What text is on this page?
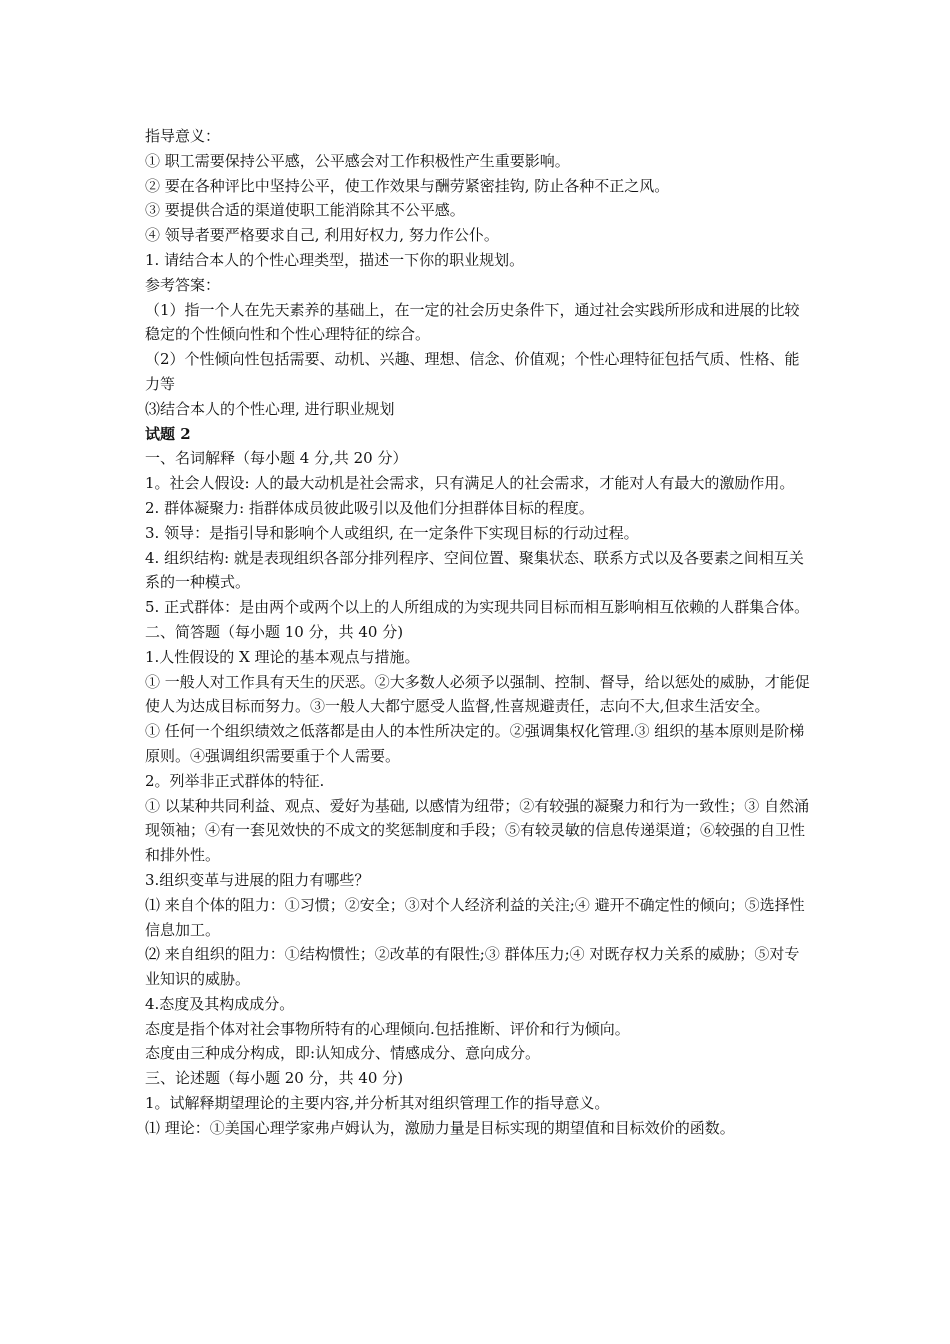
指导意义：
① 职工需要保持公平感，公平感会对工作积极性产生重要影响。
② 要在各种评比中坚持公平，使工作效果与酬劳紧密挂钩, 防止各种不正之风。
③ 要提供合适的渠道使职工能消除其不公平感。
④ 领导者要严格要求自己, 利用好权力, 努力作公仆。
1. 请结合本人的个性心理类型，描述一下你的职业规划。
参考答案：
（1）指一个人在先天素养的基础上，在一定的社会历史条件下，通过社会实践所形成和进展的比较稳定的个性倾向性和个性心理特征的综合。
（2）个性倾向性包括需要、动机、兴趣、理想、信念、价值观；个性心理特征包括气质、性格、能力等
⑶结合本人的个性心理, 进行职业规划
试题 2
一、名词解释（每小题 4 分,共 20 分）
1。社会人假设: 人的最大动机是社会需求，只有满足人的社会需求，才能对人有最大的激励作用。
2. 群体凝聚力: 指群体成员彼此吸引以及他们分担群体目标的程度。
3. 领导：是指引导和影响个人或组织, 在一定条件下实现目标的行动过程。
4. 组织结构: 就是表现组织各部分排列程序、空间位置、聚集状态、联系方式以及各要素之间相互关系的一种模式。
5. 正式群体：是由两个或两个以上的人所组成的为实现共同目标而相互影响相互依赖的人群集合体。
二、简答题（每小题 10 分，共 40 分)
1.人性假设的 X 理论的基本观点与措施。
① 一般人对工作具有天生的厌恶。②大多数人必须予以强制、控制、督导，给以惩处的威胁，才能促使人为达成目标而努力。③一般人大都宁愿受人监督,性喜规避责任，志向不大,但求生活安全。
① 任何一个组织绩效之低落都是由人的本性所决定的。②强调集权化管理.③ 组织的基本原则是阶梯原则。④强调组织需要重于个人需要。
2。列举非正式群体的特征.
① 以某种共同利益、观点、爱好为基础, 以感情为纽带；②有较强的凝聚力和行为一致性；③ 自然涌现领袖；④有一套见效快的不成文的奖惩制度和手段；⑤有较灵敏的信息传递渠道；⑥较强的自卫性和排外性。
3.组织变革与进展的阻力有哪些？
⑴ 来自个体的阻力：①习惯；②安全；③对个人经济利益的关注;④ 避开不确定性的倾向；⑤选择性信息加工。
⑵ 来自组织的阻力：①结构惯性；②改革的有限性;③ 群体压力;④ 对既存权力关系的威胁；⑤对专业知识的威胁。
4.态度及其构成成分。
态度是指个体对社会事物所特有的心理倾向.包括推断、评价和行为倾向。
态度由三种成分构成，即:认知成分、情感成分、意向成分。
三、论述题（每小题 20 分，共 40 分)
1。试解释期望理论的主要内容,并分析其对组织管理工作的指导意义。
⑴ 理论：①美国心理学家弗卢姆认为，激励力量是目标实现的期望值和目标效价的函数。
